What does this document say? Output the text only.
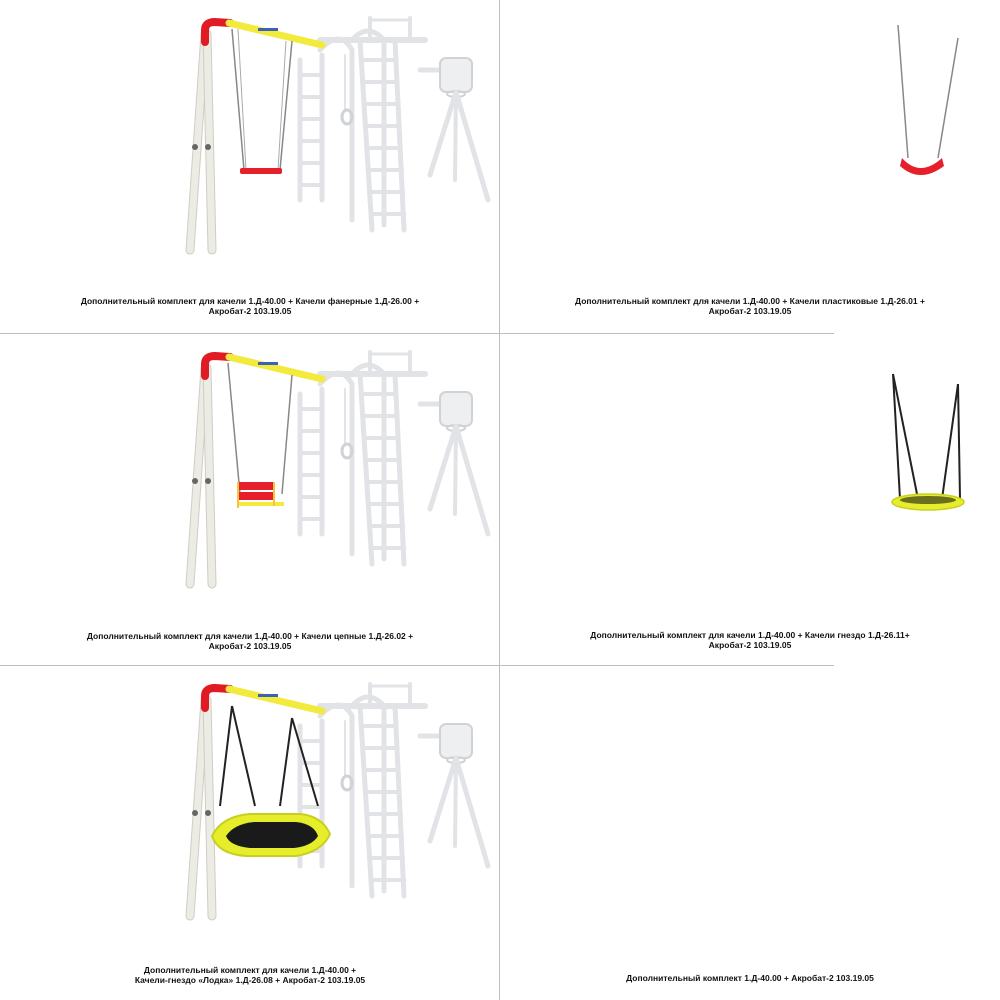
Дополнительный комплект для качели 1.Д-40.00 + Качели фанерные 1.Д-26.00 +
Акробат-2 103.19.05
Дополнительный комплект для качели 1.Д-40.00 + Качели пластиковые 1.Д-26.01 +
Акробат-2 103.19.05
Дополнительный комплект для качели 1.Д-40.00 + Качели цепные 1.Д-26.02 +
Акробат-2 103.19.05
Дополнительный комплект для качели 1.Д-40.00 + Качели гнездо 1.Д-26.11+
Акробат-2 103.19.05
Дополнительный комплект для качели 1.Д-40.00 +
Качели-гнездо «Лодка» 1.Д-26.08 + Акробат-2 103.19.05	Дополнительный комплект 1.Д-40.00 + Акробат-2 103.19.05
